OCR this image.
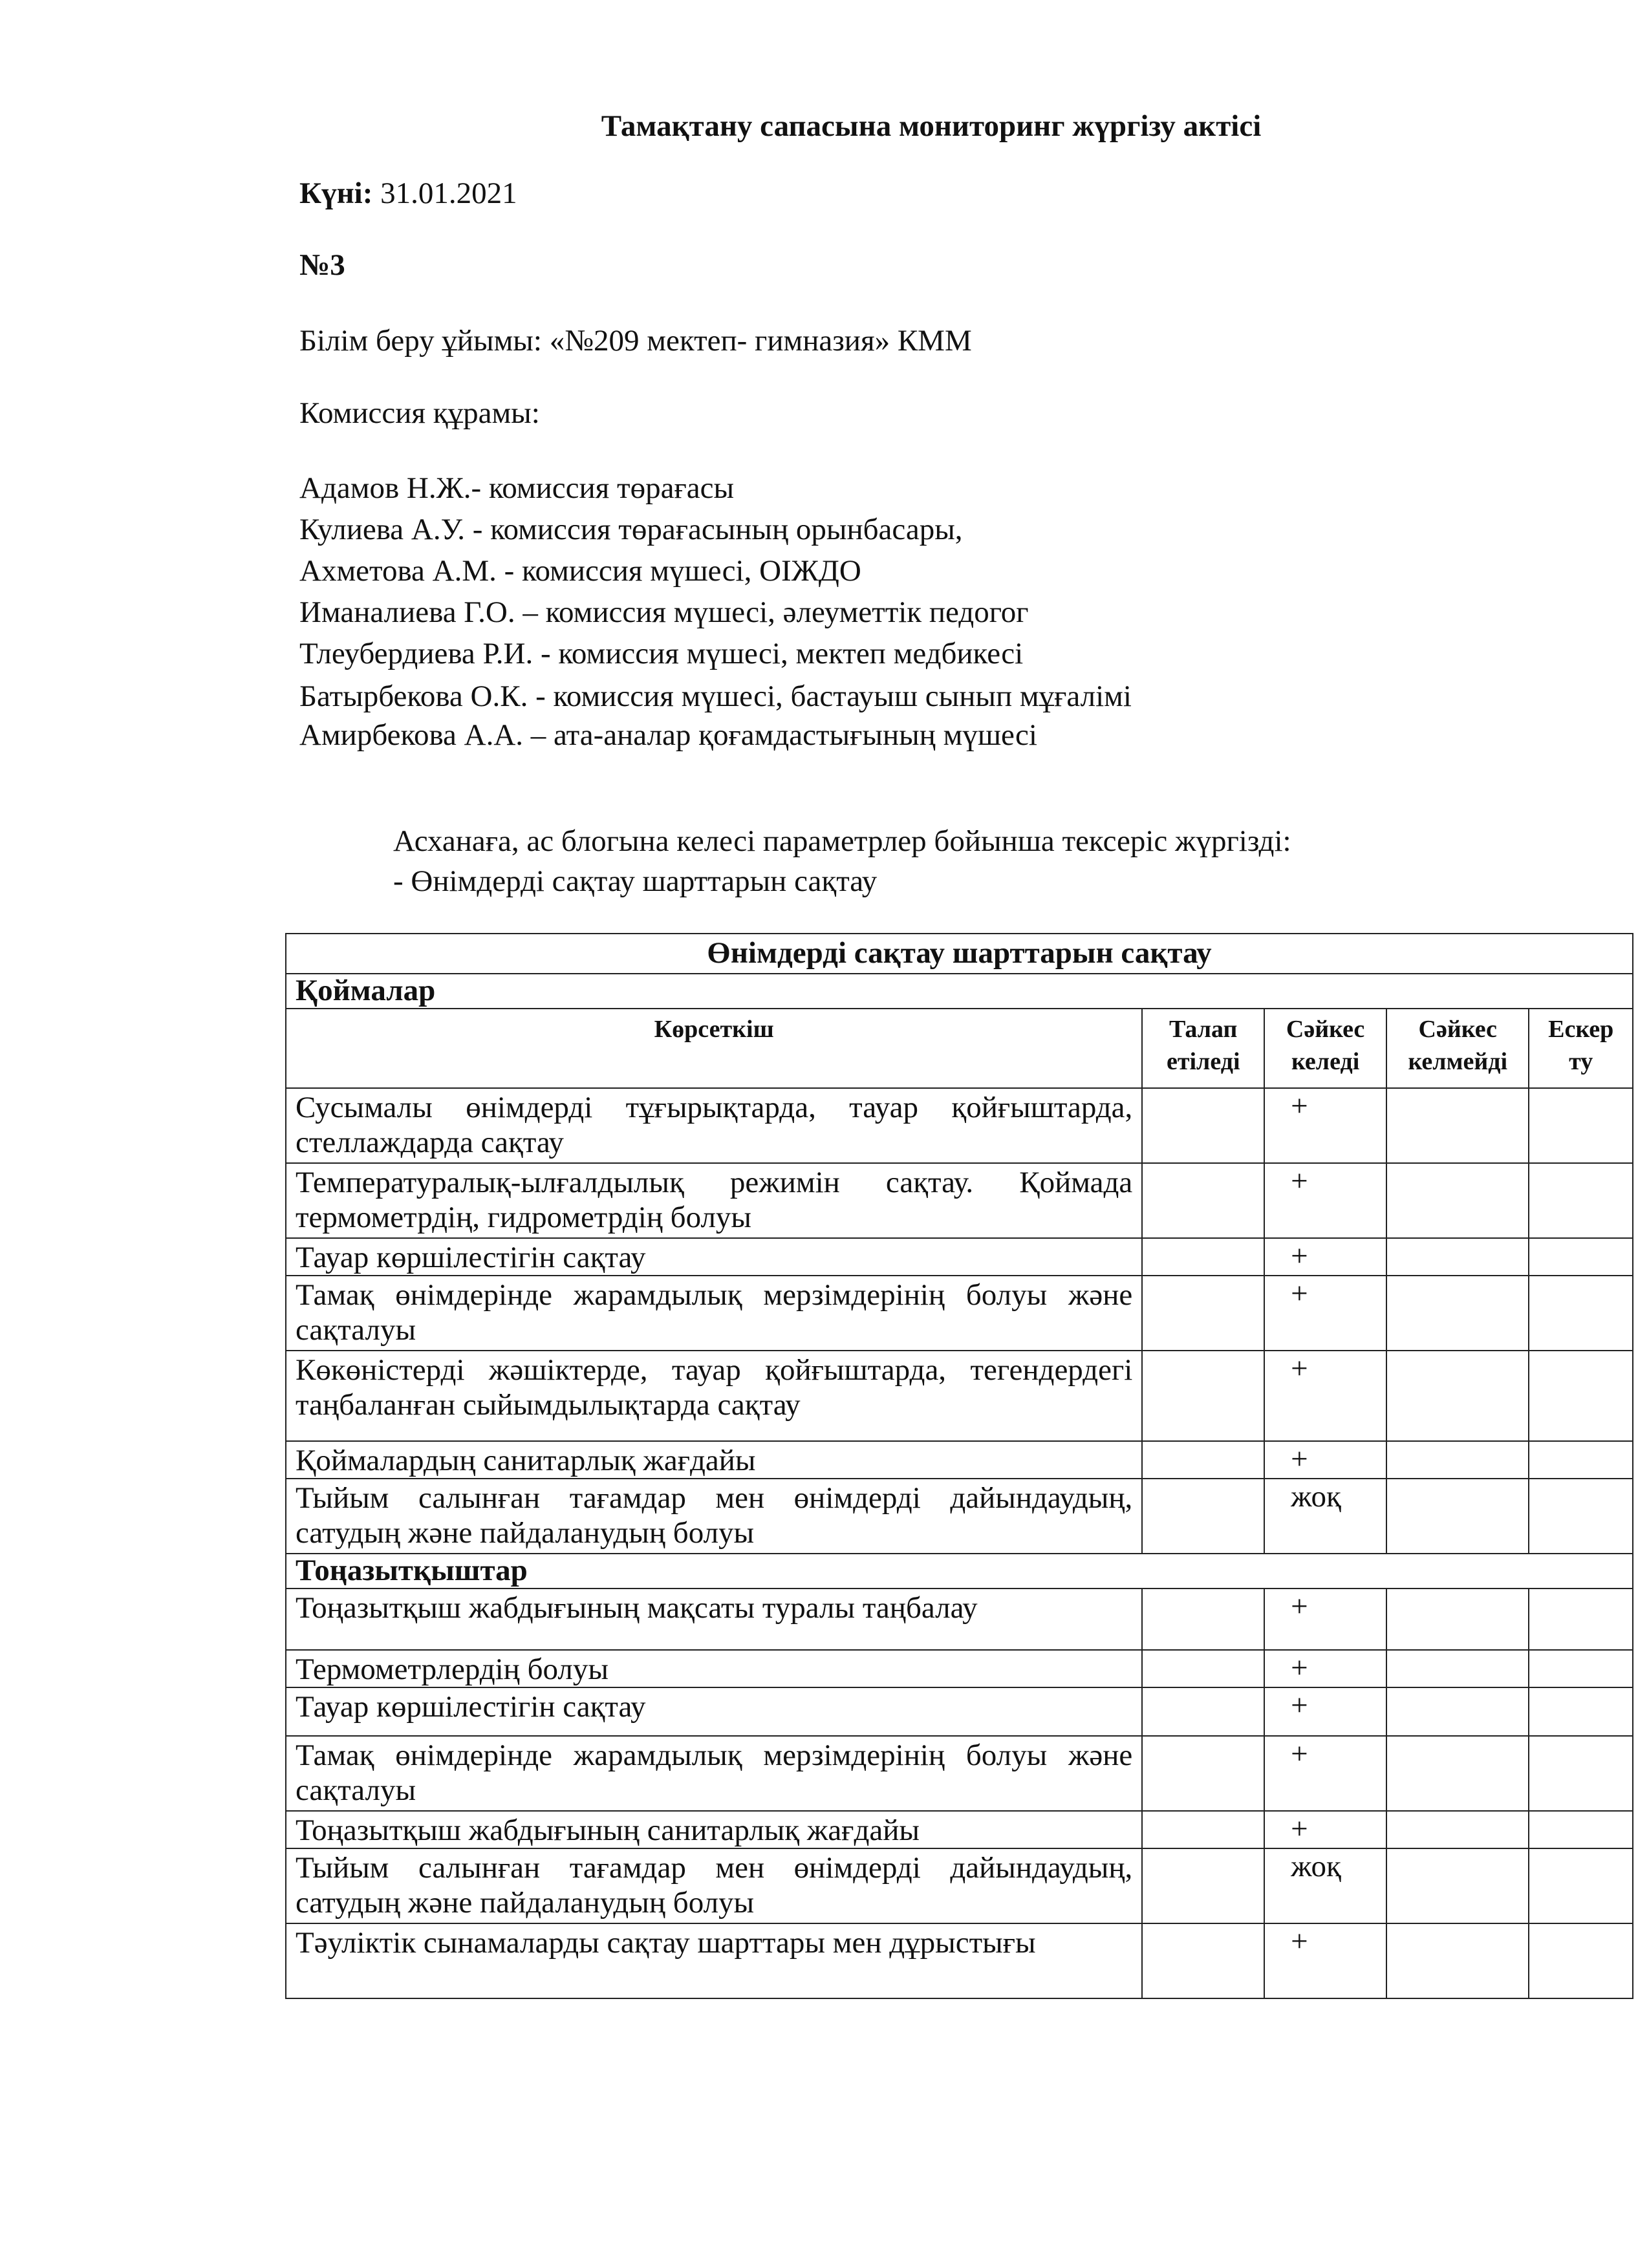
Тамақтану сапасына мониторинг жүргізу актісі
Күні: 31.01.2021
№3
Білім беру ұйымы: «№209 мектеп- гимназия» КММ
Комиссия құрамы:
Адамов Н.Ж.- комиссия төрағасы
Кулиева А.У. - комиссия төрағасының орынбасары,
Ахметова А.М. - комиссия мүшесі, ОІЖДО
Иманалиева Г.О. – комиссия мүшесі, әлеуметтік педогог
Тлеубердиева Р.И. - комиссия мүшесі, мектеп медбикесі
Батырбекова О.К. - комиссия мүшесі, бастауыш сынып мұғалімі
Амирбекова А.А. – ата-аналар қоғамдастығының мүшесі
Асханаға, ас блогына келесі параметрлер бойынша тексеріс жүргізді:
- Өнімдерді сақтау шарттарын сақтау
Өнімдерді сақтау шарттарын сақтау				
Қоймалар				
Көрсеткіш	Талап етіледі	Сәйкес келеді	Сәйкес келмейді	Ескер ту
Сусымалы өнімдерді тұғырықтарда, тауар қойғыштарда, стеллаждарда сақтау		+		
Температуралық-ылғалдылық режимін сақтау. Қоймада термометрдің, гидрометрдің болуы		+		
Тауар көршілестігін сақтау		+		
Тамақ өнімдерінде жарамдылық мерзімдерінің болуы және сақталуы		+		
Көкөністерді жәшіктерде, тауар қойғыштарда, тегендердегі таңбаланған сыйымдылықтарда сақтау		+		
Қоймалардың санитарлық жағдайы		+		
Тыйым салынған тағамдар мен өнімдерді дайындаудың, сатудың және пайдаланудың болуы		жоқ		
Тоңазытқыштар				
Тоңазытқыш жабдығының мақсаты туралы таңбалау		+		
Термометрлердің болуы		+		
Тауар көршілестігін сақтау		+		
Тамақ өнімдерінде жарамдылық мерзімдерінің болуы және сақталуы		+		
Тоңазытқыш жабдығының санитарлық жағдайы		+		
Тыйым салынған тағамдар мен өнімдерді дайындаудың, сатудың және пайдаланудың болуы		жоқ		
Тәуліктік сынамаларды сақтау шарттары мен дұрыстығы		+		
